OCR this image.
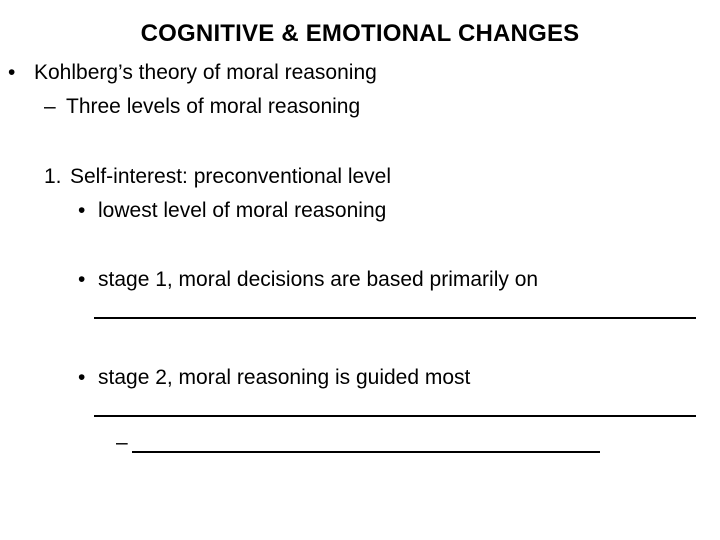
COGNITIVE & EMOTIONAL CHANGES
• Kohlberg’s theory of moral reasoning
– Three levels of moral reasoning
1. Self-interest: preconventional level
• lowest level of moral reasoning
• stage 1, moral decisions are based primarily on
• stage 2, moral reasoning is guided most
–
